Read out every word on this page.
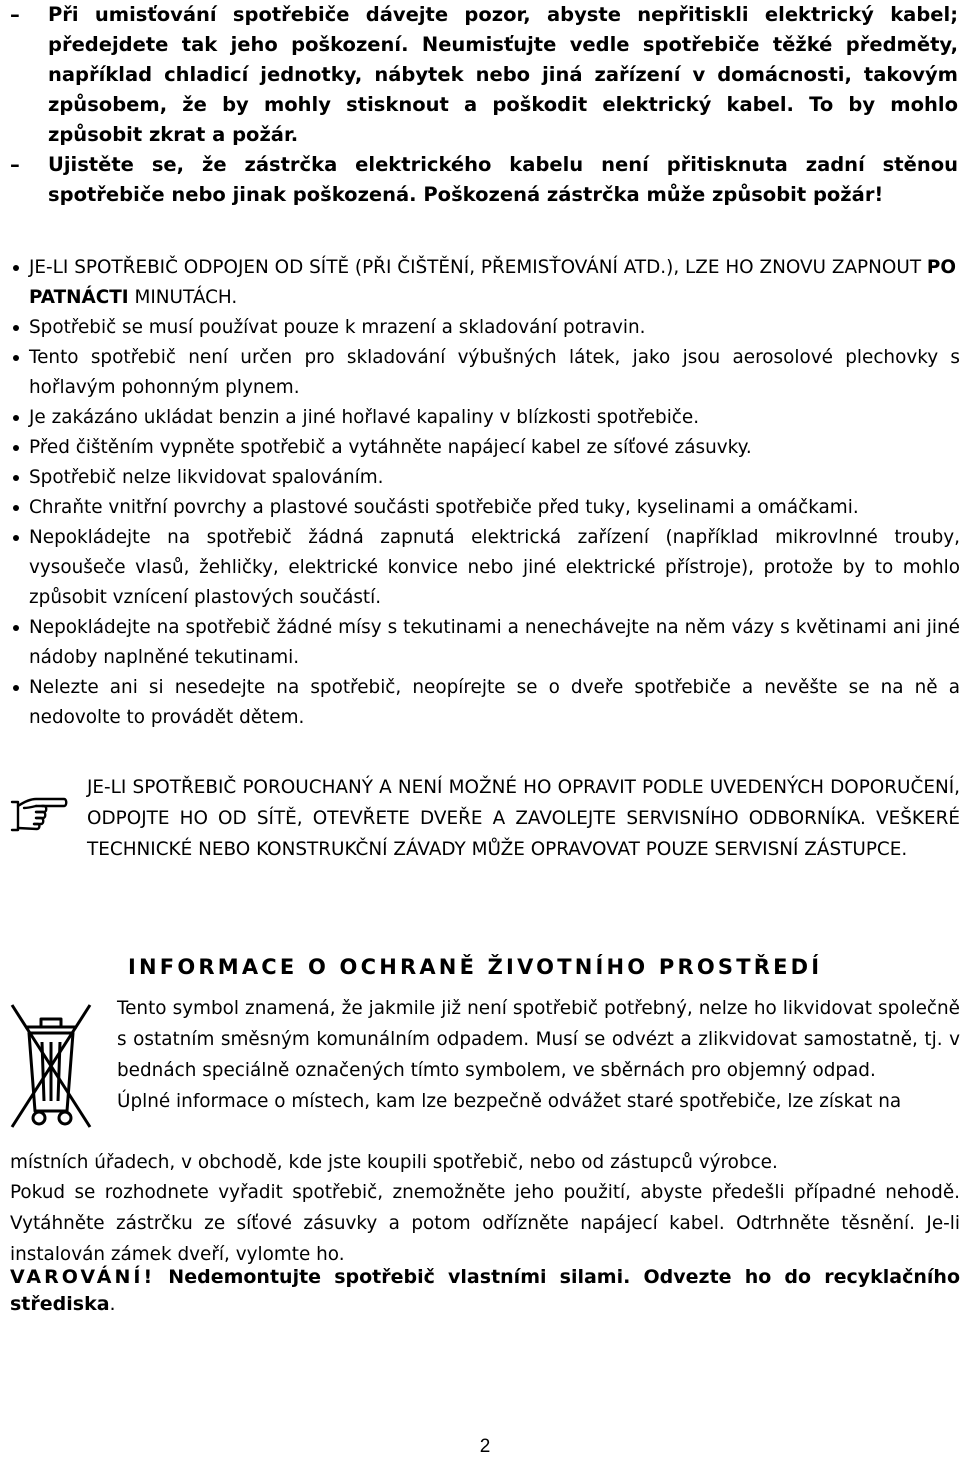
–	Při umisťování spotřebiče dávejte pozor, abyste nepřitiskli elektrický kabel; předejdete tak jeho poškození. Neumisťujte vedle spotřebiče těžké předměty, například chladicí jednotky, nábytek nebo jiná zařízení v domácnosti, takovým způsobem, že by mohly stisknout a poškodit elektrický kabel. To by mohlo způsobit zkrat a požár.
–	Ujistěte se, že zástrčka elektrického kabelu není přitisknuta zadní stěnou spotřebiče nebo jinak poškozená. Poškozená zástrčka může způsobit požár!
JE-LI SPOTŘEBIČ ODPOJEN OD SÍTĚ (PŘI ČIŠTĚNÍ, PŘEMISŤOVÁNÍ ATD.), LZE HO ZNOVU ZAPNOUT PO PATNÁCTI MINUTÁCH.
Spotřebič se musí používat pouze k mrazení a skladování potravin.
Tento spotřebič není určen pro skladování výbušných látek, jako jsou aerosolové plechovky s hořlavým pohonným plynem.
Je zakázáno ukládat benzin a jiné hořlavé kapaliny v blízkosti spotřebiče.
Před čištěním vypněte spotřebič a vytáhněte napájecí kabel ze síťové zásuvky.
Spotřebič nelze likvidovat spalováním.
Chraňte vnitřní povrchy a plastové součásti spotřebiče před tuky, kyselinami a omáčkami.
Nepokládejte na spotřebič žádná zapnutá elektrická zařízení (například mikrovlnné trouby, vysoušeče vlasů, žehličky, elektrické konvice nebo jiné elektrické přístroje), protože by to mohlo způsobit vznícení plastových součástí.
Nepokládejte na spotřebič žádné mísy s tekutinami a nenechávejte na něm vázy s květinami ani jiné nádoby naplněné tekutinami.
Nelezte ani si nesedejte na spotřebič, neopírejte se o dveře spotřebiče a nevěšte se na ně a nedovolte to provádět dětem.
JE-LI SPOTŘEBIČ POROUCHANÝ A NENÍ MOŽNÉ HO OPRAVIT PODLE UVEDENÝCH DOPORUČENÍ, ODPOJTE HO OD SÍTĚ, OTEVŘETE DVEŘE A ZAVOLEJTE SERVISNÍHO ODBORNÍKA. VEŠKERÉ TECHNICKÉ NEBO KONSTRUKČNÍ ZÁVADY MŮŽE OPRAVOVAT POUZE SERVISNÍ ZÁSTUPCE.
INFORMACE O OCHRANĚ ŽIVOTNÍHO PROSTŘEDÍ

Tento symbol znamená, že jakmile již není spotřebič potřebný, nelze ho likvidovat společně s ostatním směsným komunálním odpadem. Musí se odvézt a zlikvidovat samostatně, tj. v bednách speciálně označených tímto symbolem, ve sběrnách pro objemný odpad.

Úplné informace o místech, kam lze bezpečně odvážet staré spotřebiče, lze získat na

místních úřadech, v obchodě, kde jste koupili spotřebič, nebo od zástupců výrobce.
Pokud se rozhodnete vyřadit spotřebič, znemožněte jeho použití, abyste předešli případné nehodě. Vytáhněte zástrčku ze síťové zásuvky a potom odřízněte napájecí kabel. Odtrhněte těsnění. Je-li instalován zámek dveří, vylomte ho.
VAROVÁNÍ! Nedemontujte spotřebič vlastními silami. Odvezte ho do recyklačního střediska.
2
